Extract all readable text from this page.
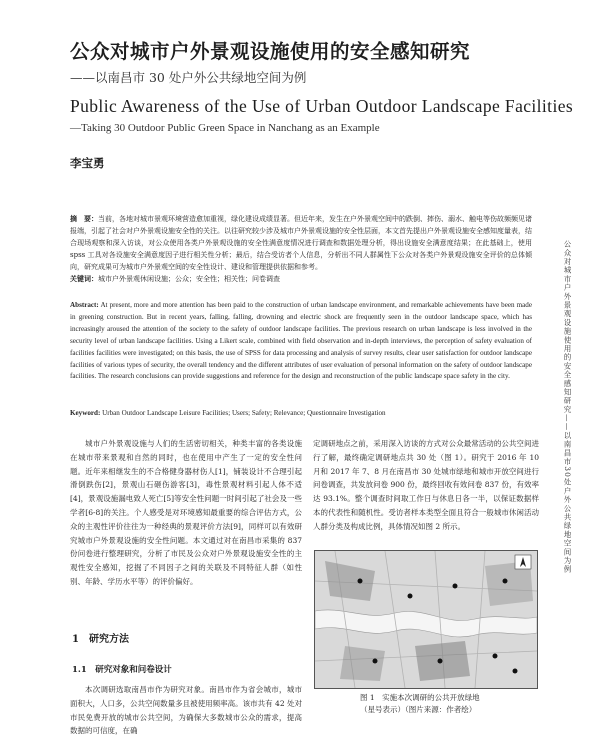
公众对城市户外景观设施使用的安全感知研究
——以南昌市 30 处户外公共绿地空间为例
Public Awareness of the Use of Urban Outdoor Landscape Facilities
—Taking 30 Outdoor Public Green Space in Nanchang as an Example
李宝勇
摘　要：当前，各地对城市景观环境营造愈加重视，绿化建设成绩显著。但近年来，发生在户外景观空间中的跌倒、摔伤、溺水、触电等伤故频频见诸报端，引起了社会对户外景观设施安全性的关注。以往研究较少涉及城市户外景观设施的安全性层面，本文首先提出户外景观设施安全感知度量表，结合现场观察和深入访谈，对公众使用各类户外景观设施的安全性满意度情况进行调查和数据处理分析，得出设施安全满意度结果；在此基础上，使用 spss 工具对各设施安全满意度因子进行相关性分析；最后，结合受访者个人信息，分析出不同人群属性下公众对各类户外景观设施安全评价的总体倾向，研究成果可为城市户外景观空间的安全性设计、建设和管理提供依据和参考。
关键词：城市户外景观休闲设施；公众；安全性；相关性；问卷调查
Abstract: At present, more and more attention has been paid to the construction of urban landscape environment, and remarkable achievements have been made in greening construction. But in recent years, falling, falling, drowning and electric shock are frequently seen in the outdoor landscape space, which has increasingly aroused the attention of the society to the safety of outdoor landscape facilities. The previous research on urban landscape is less involved in the security level of urban landscape facilities. Using a Likert scale, combined with field observation and in-depth interviews, the perception of safety evaluation of facilities facilities were investigated; on this basis, the use of SPSS for data processing and analysis of survey results, clear user satisfaction for outdoor landscape facilities of various types of security, the overall tendency and the different attributes of user evaluation of personal information on the safety of outdoor landscape facilities. The research conclusions can provide suggestions and reference for the design and reconstruction of the public landscape space safety in the city.
Keyword: Urban Outdoor Landscape Leisure Facilities; Users; Safety; Relevance; Questionnaire Investigation
城市户外景观设施与人们的生活密切相关，种类丰富的各类设施在城市带来景观和自然的同时，也在使用中产生了一定的安全性问题。近年来相继发生的不合格健身器材伤人[1]，铺装设计不合理引起滑倒跌伤[2]，景观山石砸伤游客[3]，毒性景观材料引起人体不适[4]，景观设施漏电致人死亡[5]等安全性问题一时间引起了社会及一些学者[6-8]的关注。个人感受是对环境感知最重要的综合评估方式，公众的主观性评价往往为一种经典的景观评价方法[9]，同样可以有效研究城市户外景观设施的安全性问题。本文通过对在南昌市采集的 837 份问卷进行整理研究，分析了市民及公众对户外景观设施安全性的主观性安全感知，挖掘了不同因子之间的关联及不同特征人群（如性别、年龄、学历水平等）的评价偏好。
1　研究方法
1.1　研究对象和问卷设计
本次调研选取南昌市作为研究对象。南昌市作为省会城市，城市面积大，人口多，公共空间数量多且被使用频率高。该市共有 42 处对市民免费开放的城市公共空间，为确保大多数城市公众的需求，提高数据的可信度，在确
定调研地点之前，采用深入访谈的方式对公众最常活动的公共空间进行了解，最终确定调研地点共 30 处（图 1）。研究于 2016 年 10 月和 2017 年 7、8 月在南昌市 30 处城市绿地和城市开放空间进行问卷调查，共发放问卷 900 份，最终回收有效问卷 837 份，有效率达 93.1%。整个调查时间取工作日与休息日各一半，以保证数据样本的代表性和随机性。受访者样本类型全面且符合一般城市休闲活动人群分类及构成比例，具体情况如图 2 所示。
图 1　实施本次调研的公共开放绿地
（星号表示）（图片来源：作者绘）
公众对城市户外景观设施使用的安全感知研究——以南昌市30处户外公共绿地空间为例
